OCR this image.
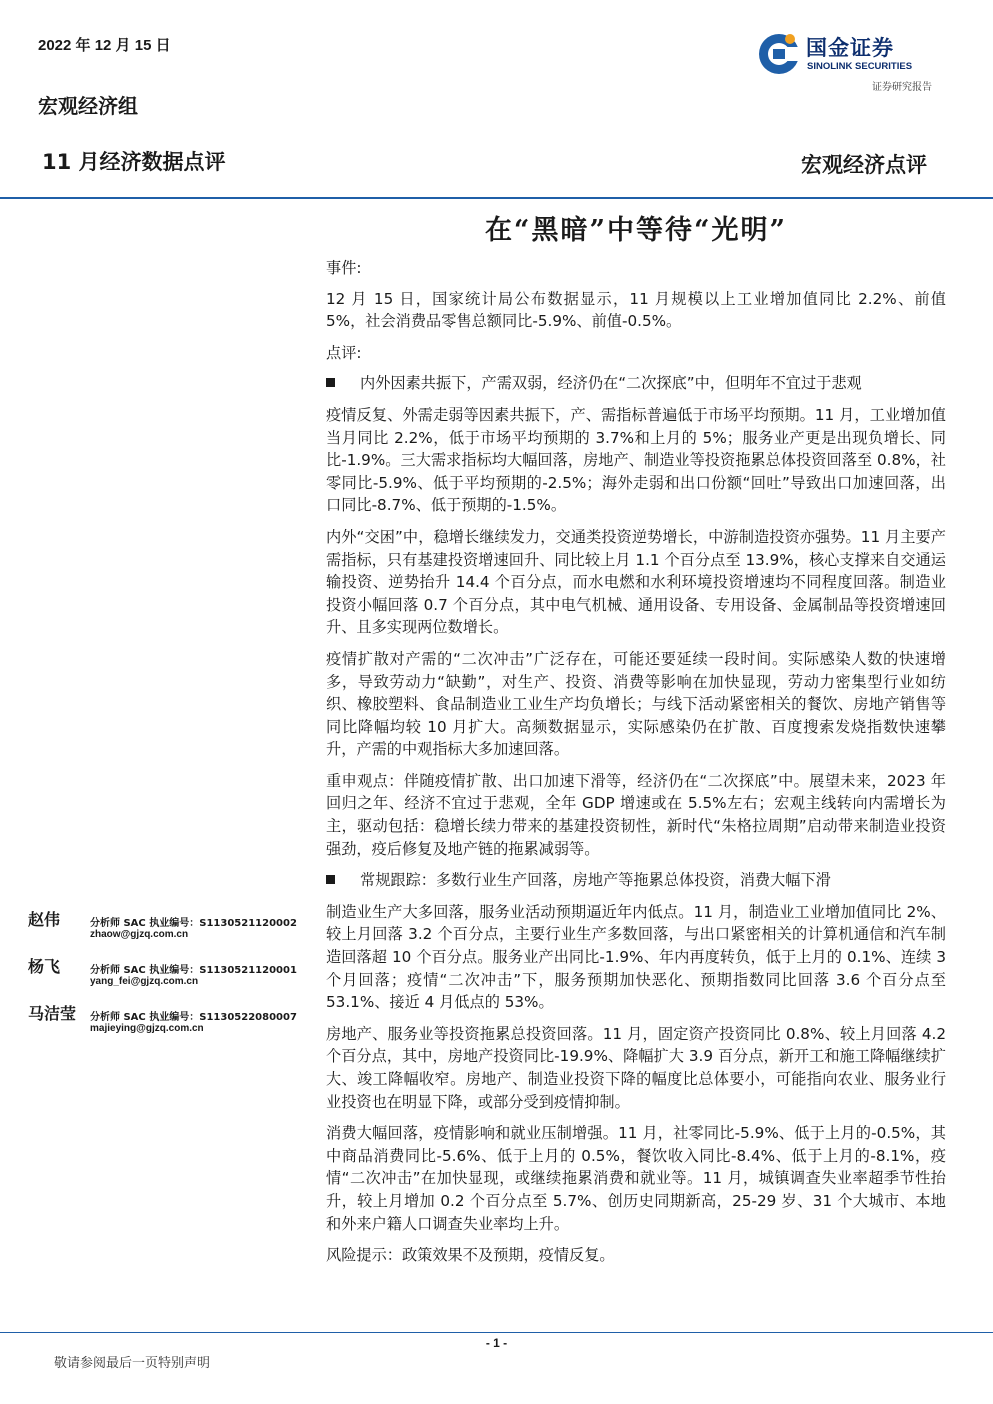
2022 年 12 月 15 日
宏观经济组
11 月经济数据点评	宏观经济点评
国金证券
SINOLINK SECURITIES
证券研究报告
在“黑暗”中等待“光明”

事件:

12 月 15 日，国家统计局公布数据显示，11 月规模以上工业增加值同比 2.2%、前值 5%，社会消费品零售总额同比-5.9%、前值-0.5%。

点评:

内外因素共振下，产需双弱，经济仍在“二次探底”中，但明年不宜过于悲观

疫情反复、外需走弱等因素共振下，产、需指标普遍低于市场平均预期。11 月，工业增加值当月同比 2.2%，低于市场平均预期的 3.7%和上月的 5%；服务业产更是出现负增长、同比-1.9%。三大需求指标均大幅回落，房地产、制造业等投资拖累总体投资回落至 0.8%，社零同比-5.9%、低于平均预期的-2.5%；海外走弱和出口份额“回吐”导致出口加速回落，出口同比-8.7%、低于预期的-1.5%。

内外“交困”中，稳增长继续发力，交通类投资逆势增长，中游制造投资亦强势。11 月主要产需指标，只有基建投资增速回升、同比较上月 1.1 个百分点至 13.9%，核心支撑来自交通运输投资、逆势抬升 14.4 个百分点，而水电燃和水利环境投资增速均不同程度回落。制造业投资小幅回落 0.7 个百分点，其中电气机械、通用设备、专用设备、金属制品等投资增速回升、且多实现两位数增长。

疫情扩散对产需的“二次冲击”广泛存在，可能还要延续一段时间。实际感染人数的快速增多，导致劳动力“缺勤”，对生产、投资、消费等影响在加快显现，劳动力密集型行业如纺织、橡胶塑料、食品制造业工业生产均负增长；与线下活动紧密相关的餐饮、房地产销售等同比降幅均较 10 月扩大。高频数据显示，实际感染仍在扩散、百度搜索发烧指数快速攀升，产需的中观指标大多加速回落。

重申观点：伴随疫情扩散、出口加速下滑等，经济仍在“二次探底”中。展望未来，2023 年回归之年、经济不宜过于悲观，全年 GDP 增速或在 5.5%左右；宏观主线转向内需增长为主，驱动包括：稳增长续力带来的基建投资韧性，新时代“朱格拉周期”启动带来制造业投资强劲，疫后修复及地产链的拖累减弱等。

常规跟踪：多数行业生产回落，房地产等拖累总体投资，消费大幅下滑

制造业生产大多回落，服务业活动预期逼近年内低点。11 月，制造业工业增加值同比 2%、较上月回落 3.2 个百分点，主要行业生产多数回落，与出口紧密相关的计算机通信和汽车制造回落超 10 个百分点。服务业产出同比-1.9%、年内再度转负，低于上月的 0.1%、连续 3 个月回落；疫情“二次冲击”下，服务预期加快恶化、预期指数同比回落 3.6 个百分点至 53.1%、接近 4 月低点的 53%。

房地产、服务业等投资拖累总投资回落。11 月，固定资产投资同比 0.8%、较上月回落 4.2 个百分点，其中，房地产投资同比-19.9%、降幅扩大 3.9 百分点，新开工和施工降幅继续扩大、竣工降幅收窄。房地产、制造业投资下降的幅度比总体要小，可能指向农业、服务业行业投资也在明显下降，或部分受到疫情抑制。

消费大幅回落，疫情影响和就业压制增强。11 月，社零同比-5.9%、低于上月的-0.5%，其中商品消费同比-5.6%、低于上月的 0.5%，餐饮收入同比-8.4%、低于上月的-8.1%，疫情“二次冲击”在加快显现，或继续拖累消费和就业等。11 月，城镇调查失业率超季节性抬升，较上月增加 0.2 个百分点至 5.7%、创历史同期新高，25-29 岁、31 个大城市、本地和外来户籍人口调查失业率均上升。

风险提示：政策效果不及预期，疫情反复。

赵伟	分析师 SAC 执业编号：S1130521120002
zhaow@gjzq.com.cn
杨飞	分析师 SAC 执业编号：S1130521120001
yang_fei@gjzq.com.cn
马洁莹 分析师 SAC 执业编号：S1130522080007
majieying@gjzq.com.cn
- 1 -
敬请参阅最后一页特别声明
